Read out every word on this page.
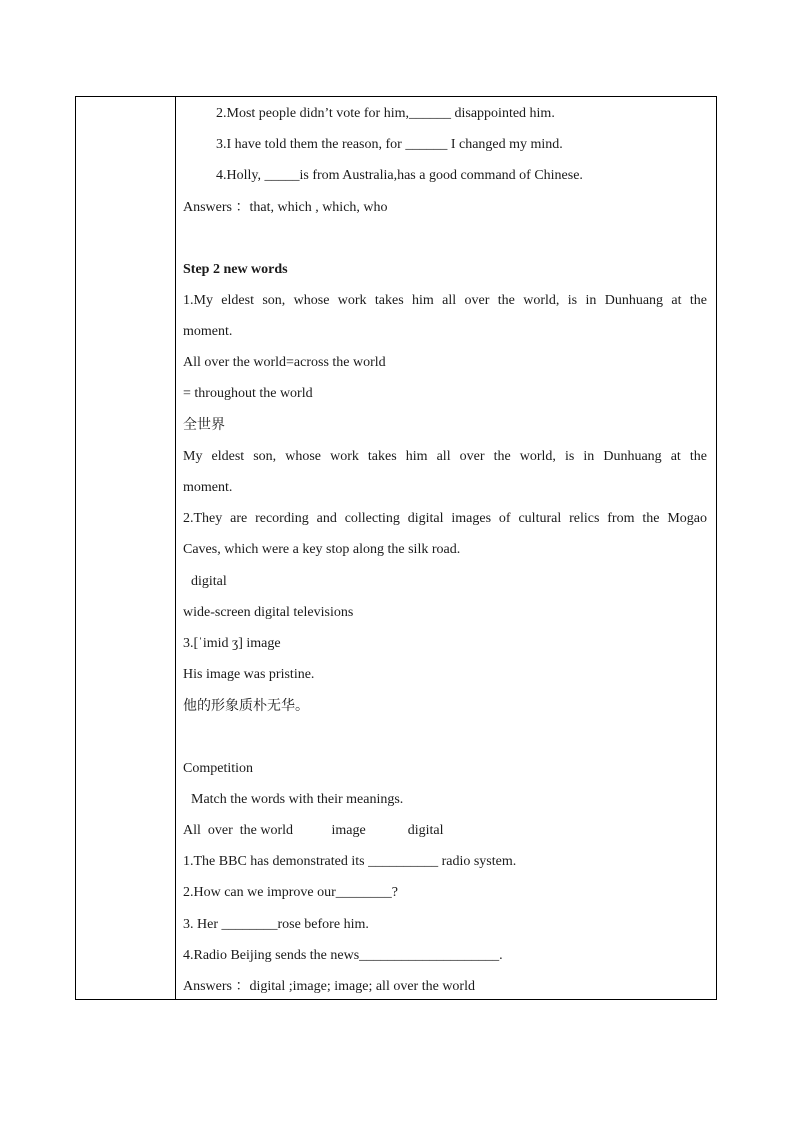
2.Most people didn’t vote for him,______ disappointed him.
3.I have told them the reason, for ______ I changed my mind.
4.Holly, _____is from Australia,has a good command of Chinese.
Answers ：that, which , which, who
Step 2 new words
1.My eldest son, whose work takes him all over the world, is in Dunhuang at the
moment.
All over the world=across the world
= throughout the world
全世界
My eldest son, whose work takes him all over the world, is in Dunhuang at the
moment.
2.They are recording and collecting digital images of cultural relics from the Mogao
Caves, which were a key stop along the silk road.
digital
wide-screen digital televisions
3.[ˈimid ʒ] image
His image was pristine.
他的形象质朴无华。
Competition
Match the words with their meanings.
All  over  the world           image            digital
1.The BBC has demonstrated its __________ radio system.
2.How can we improve our________?
3. Her ________rose before him.
4.Radio Beijing sends the news____________________.
Answers ：digital ;image; image; all over the world
